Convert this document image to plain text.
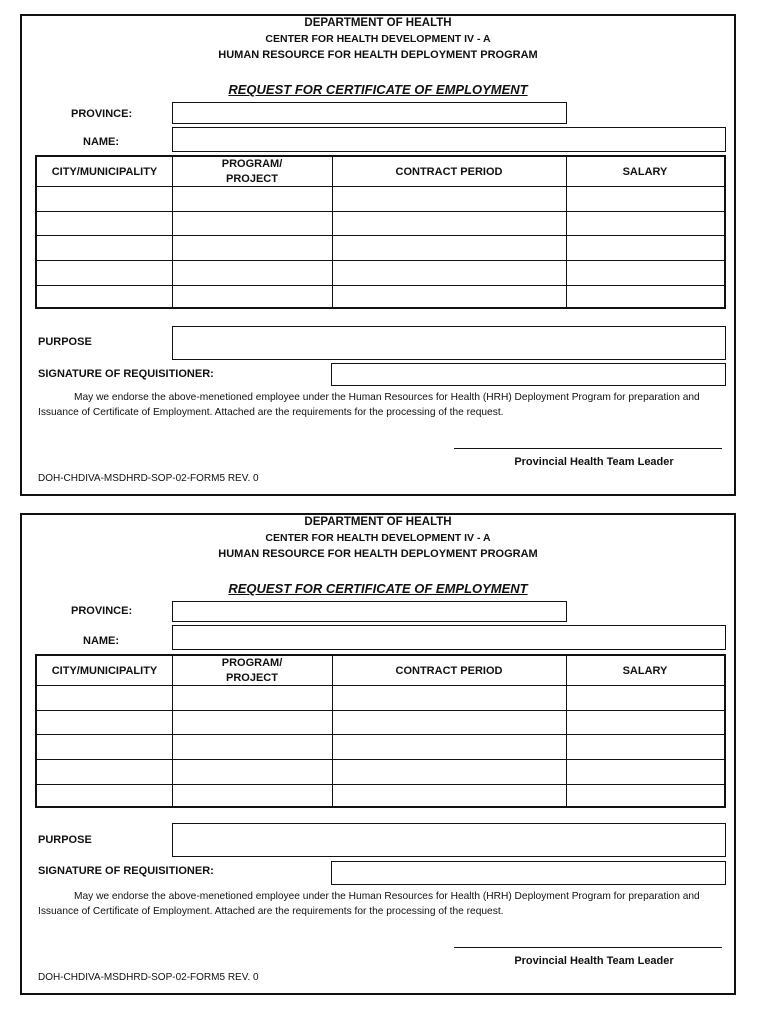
DEPARTMENT OF HEALTH
CENTER FOR HEALTH DEVELOPMENT IV - A
HUMAN RESOURCE FOR HEALTH DEPLOYMENT PROGRAM
REQUEST FOR CERTIFICATE OF EMPLOYMENT
PROVINCE:
NAME:
CITY/MUNICIPALITY
PROGRAM/
PROJECT
CONTRACT PERIOD	SALARY
PURPOSE
SIGNATURE OF REQUISITIONER:
May we endorse the above-menetioned employee under the Human Resources for Health (HRH) Deployment Program for preparation and Issuance of Certificate of Employment. Attached are the requirements for the processing of the request.
Provincial Health Team Leader
DOH-CHDIVA-MSDHRD-SOP-02-FORM5 REV. 0
DEPARTMENT OF HEALTH
CENTER FOR HEALTH DEVELOPMENT IV - A
HUMAN RESOURCE FOR HEALTH DEPLOYMENT PROGRAM
REQUEST FOR CERTIFICATE OF EMPLOYMENT
PROVINCE:
NAME:
CITY/MUNICIPALITY
PROGRAM/
PROJECT
CONTRACT PERIOD	SALARY
PURPOSE
SIGNATURE OF REQUISITIONER:
May we endorse the above-menetioned employee under the Human Resources for Health (HRH) Deployment Program for preparation and Issuance of Certificate of Employment. Attached are the requirements for the processing of the request.
Provincial Health Team Leader
DOH-CHDIVA-MSDHRD-SOP-02-FORM5 REV. 0
